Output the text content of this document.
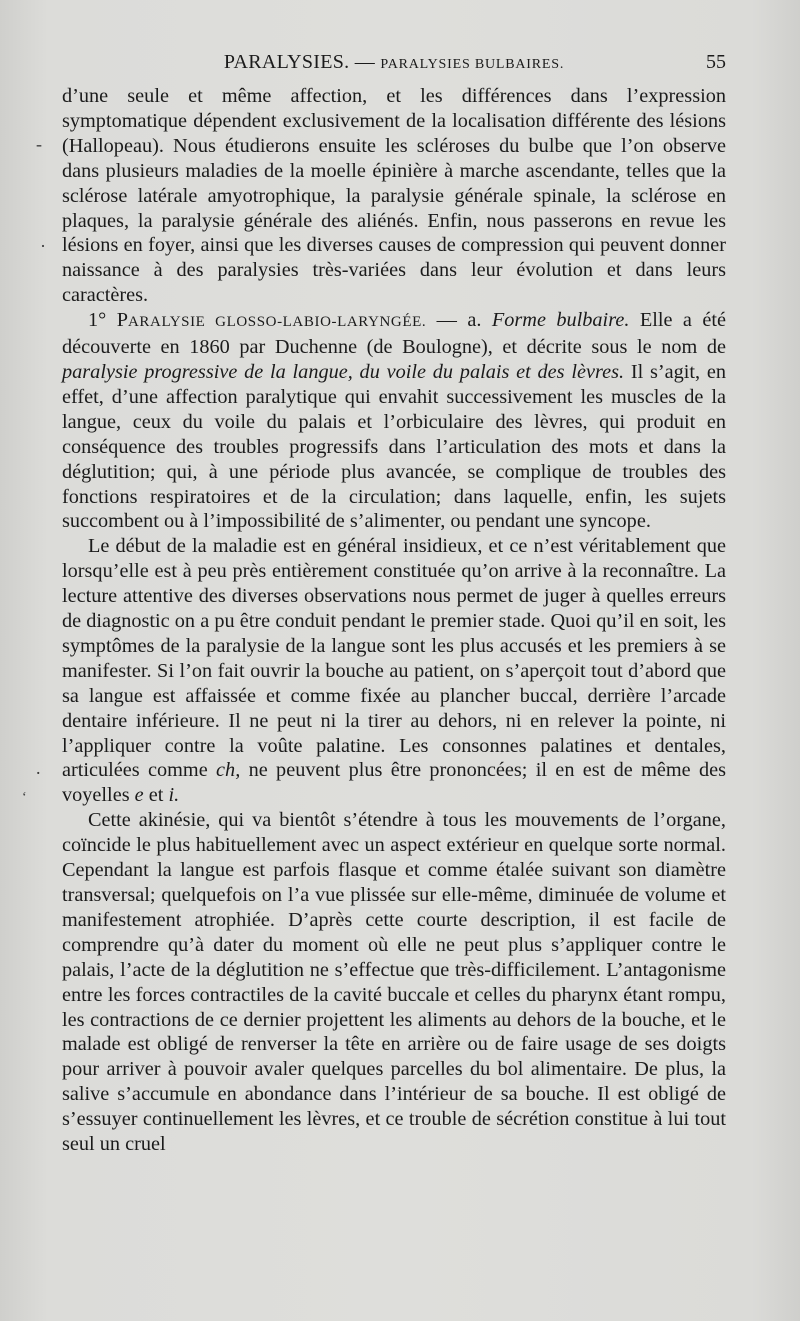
PARALYSIES. — PARALYSIES BULBAIRES.	55
-
·
.
ʻ

d’une seule et même affection, et les différences dans l’expression symptomatique dépendent exclusivement de la localisation différente des lésions (Hallopeau). Nous étudierons ensuite les scléroses du bulbe que l’on observe dans plusieurs maladies de la moelle épinière à marche ascendante, telles que la sclérose latérale amyotrophique, la paralysie générale spinale, la sclérose en plaques, la paralysie générale des aliénés. Enfin, nous passerons en revue les lésions en foyer, ainsi que les diverses causes de compression qui peuvent donner naissance à des paralysies très-variées dans leur évolution et dans leurs caractères.

1° PARALYSIE GLOSSO-LABIO-LARYNGÉE. — a. Forme bulbaire. Elle a été découverte en 1860 par Duchenne (de Boulogne), et décrite sous le nom de paralysie progressive de la langue, du voile du palais et des lèvres. Il s’agit, en effet, d’une affection paralytique qui envahit successivement les muscles de la langue, ceux du voile du palais et l’orbiculaire des lèvres, qui produit en conséquence des troubles progressifs dans l’articulation des mots et dans la déglutition; qui, à une période plus avancée, se complique de troubles des fonctions respiratoires et de la circulation; dans laquelle, enfin, les sujets succombent ou à l’impossibilité de s’alimenter, ou pendant une syncope.

Le début de la maladie est en général insidieux, et ce n’est véritablement que lorsqu’elle est à peu près entièrement constituée qu’on arrive à la reconnaître. La lecture attentive des diverses observations nous permet de juger à quelles erreurs de diagnostic on a pu être conduit pendant le premier stade. Quoi qu’il en soit, les symptômes de la paralysie de la langue sont les plus accusés et les premiers à se manifester. Si l’on fait ouvrir la bouche au patient, on s’aperçoit tout d’abord que sa langue est affaissée et comme fixée au plancher buccal, derrière l’arcade dentaire inférieure. Il ne peut ni la tirer au dehors, ni en relever la pointe, ni l’appliquer contre la voûte palatine. Les consonnes palatines et dentales, articulées comme ch, ne peuvent plus être prononcées; il en est de même des voyelles e et i.

Cette akinésie, qui va bientôt s’étendre à tous les mouvements de l’organe, coïncide le plus habituellement avec un aspect extérieur en quelque sorte normal. Cependant la langue est parfois flasque et comme étalée suivant son diamètre transversal; quelquefois on l’a vue plissée sur elle-même, diminuée de volume et manifestement atrophiée. D’après cette courte description, il est facile de comprendre qu’à dater du moment où elle ne peut plus s’appliquer contre le palais, l’acte de la déglutition ne s’effectue que très-difficilement. L’antagonisme entre les forces contractiles de la cavité buccale et celles du pharynx étant rompu, les contractions de ce dernier projettent les aliments au dehors de la bouche, et le malade est obligé de renverser la tête en arrière ou de faire usage de ses doigts pour arriver à pouvoir avaler quelques parcelles du bol alimentaire. De plus, la salive s’accumule en abondance dans l’intérieur de sa bouche. Il est obligé de s’essuyer continuellement les lèvres, et ce trouble de sécrétion constitue à lui tout seul un cruel
